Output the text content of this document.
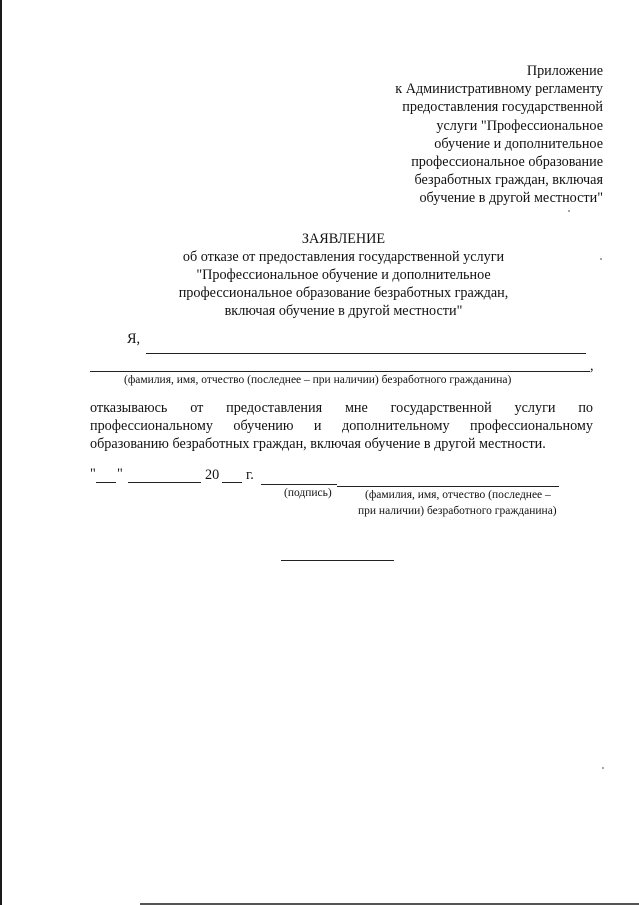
Приложение
к Административному регламенту
предоставления государственной
услуги "Профессиональное
обучение и дополнительное
профессиональное образование
безработных граждан, включая
обучение в другой местности"
ЗАЯВЛЕНИЕ
об отказе от предоставления государственной услуги
"Профессиональное обучение и дополнительное
профессиональное образование безработных граждан,
включая обучение в другой местности"
Я,
,
(фамилия, имя, отчество (последнее – при наличии) безработного гражданина)
отказываюсь от предоставления мне государственной услуги по
профессиональному обучению и дополнительному профессиональному
образованию безработных граждан, включая обучение в другой местности.
" "	20 г.
(подпись)	(фамилия, имя, отчество (последнее –
при наличии) безработного гражданина)
